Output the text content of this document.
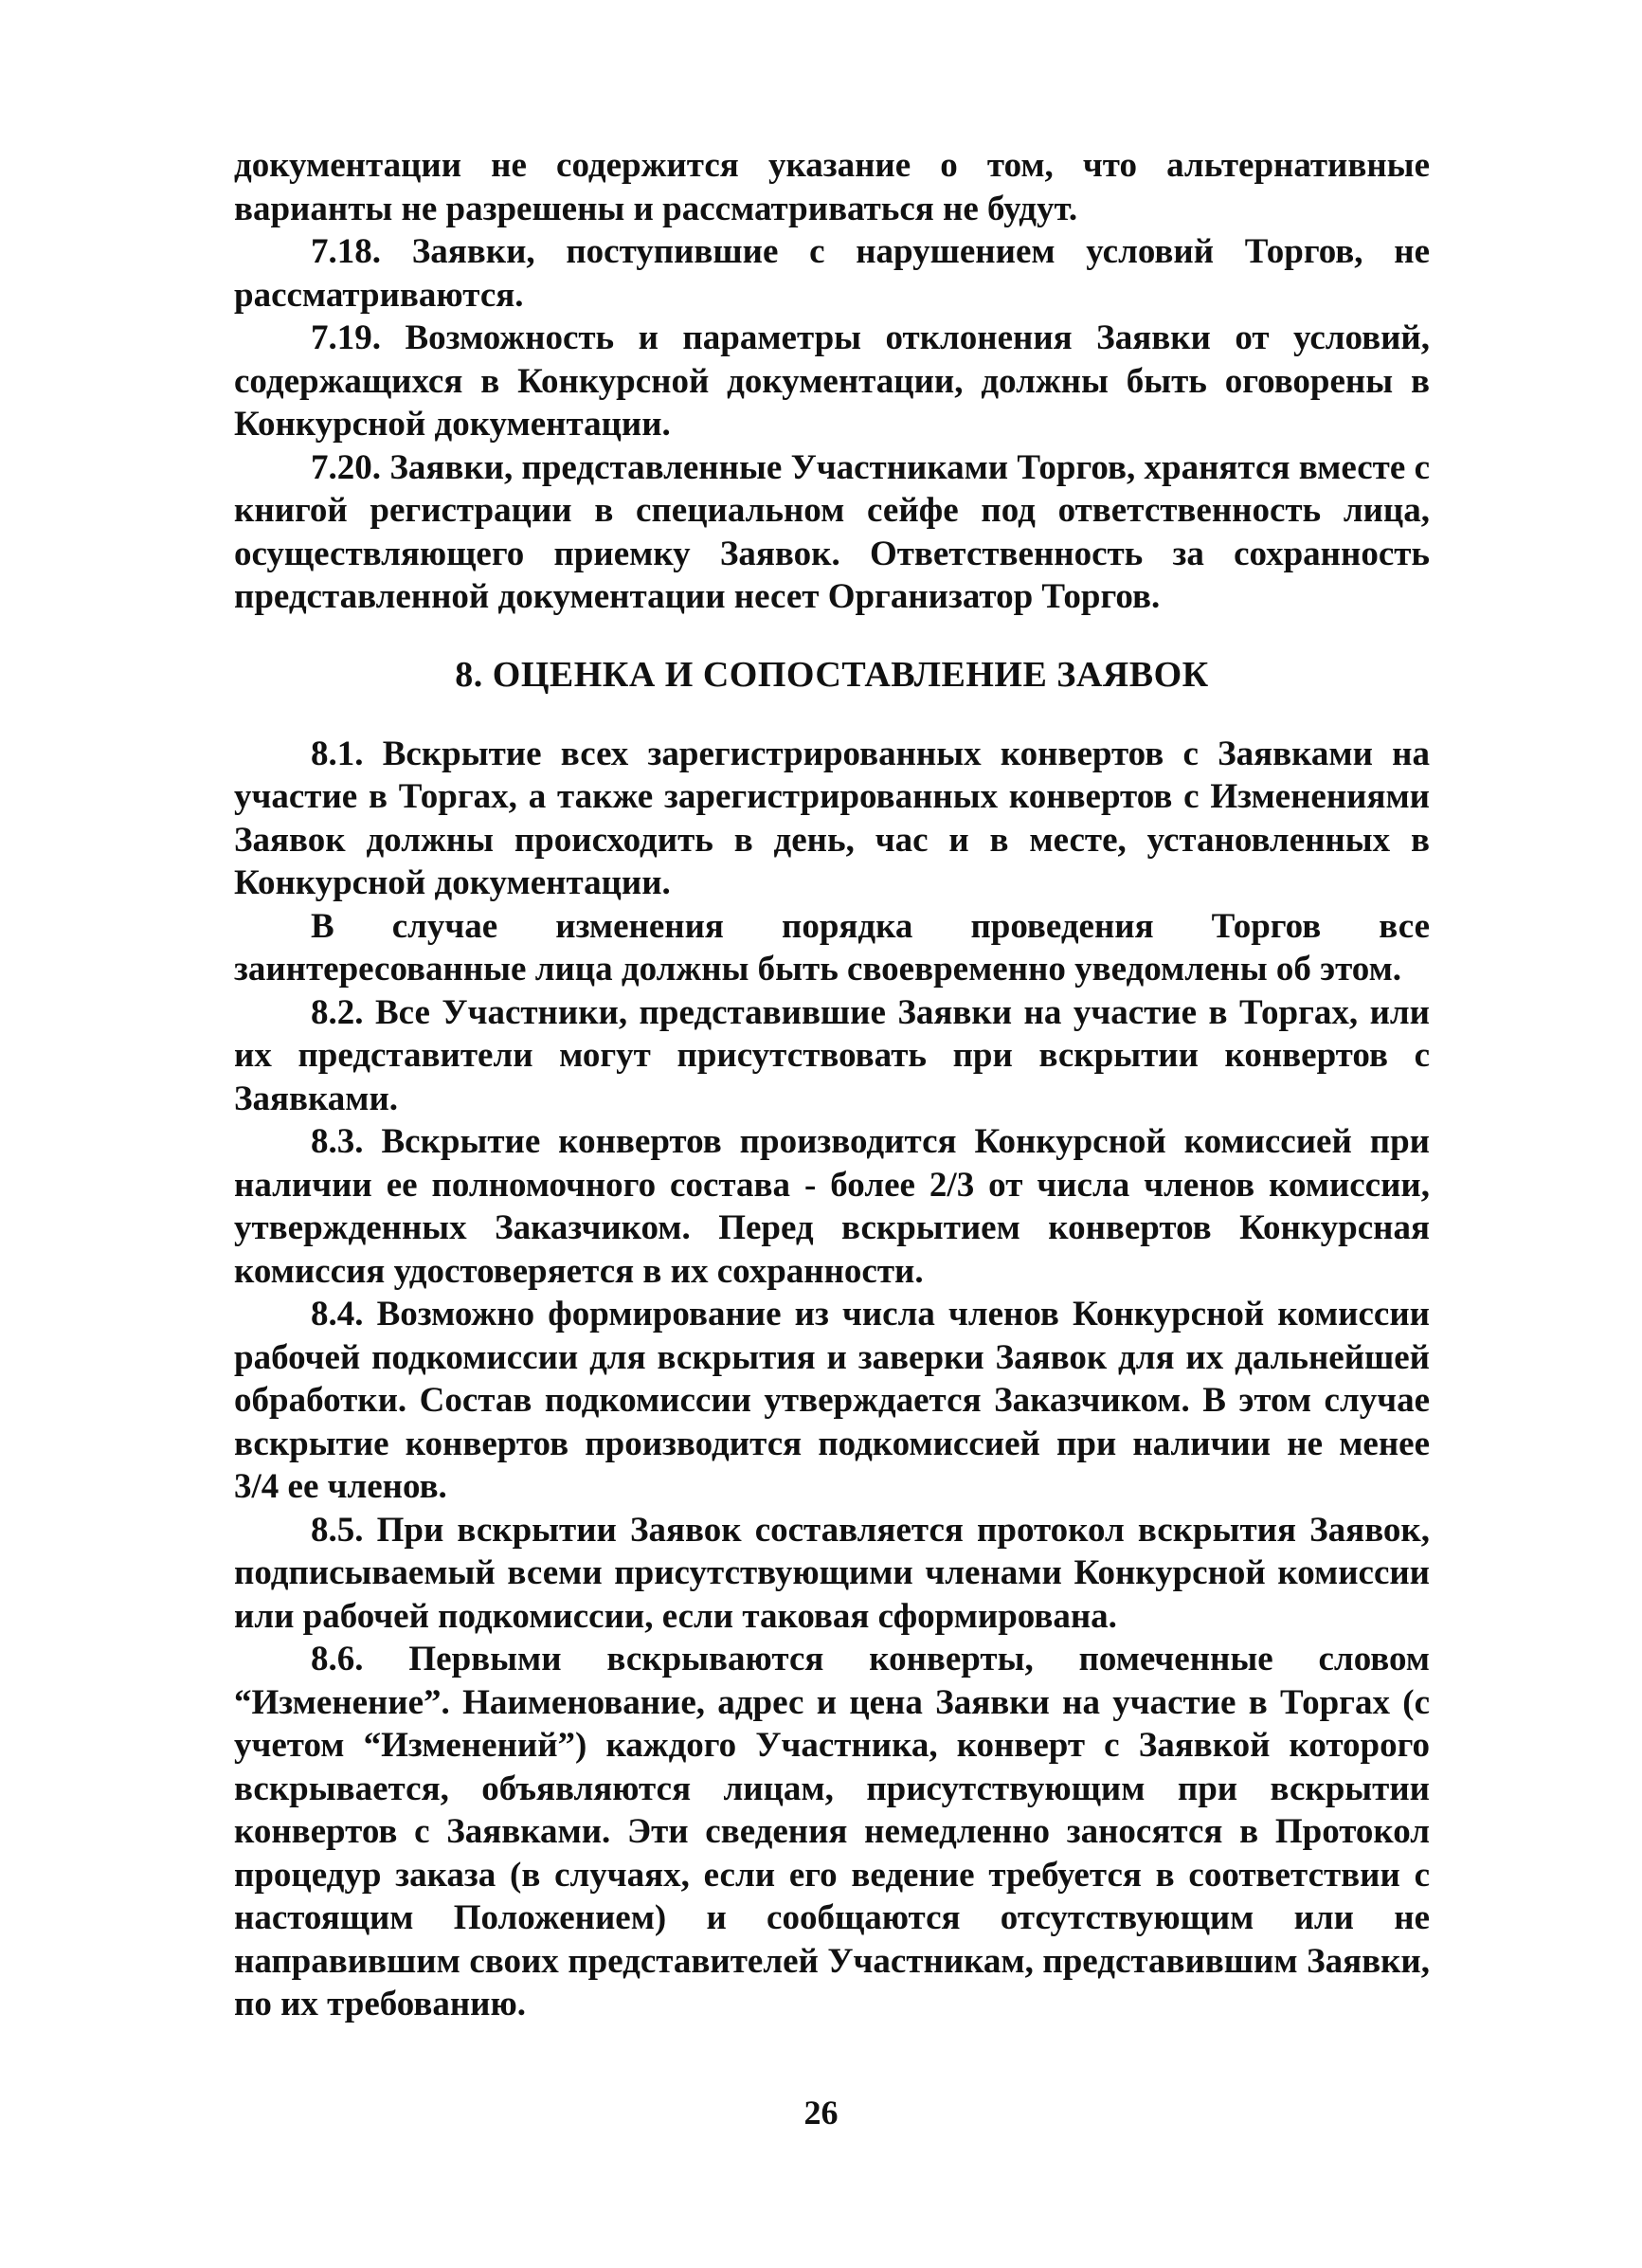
документации не содержится указание о том, что альтернативные варианты не разрешены и рассматриваться не будут.

7.18. Заявки, поступившие с нарушением условий Торгов, не рассматриваются.

7.19. Возможность и параметры отклонения Заявки от условий, содержащихся в Конкурсной документации, должны быть оговорены в Конкурсной документации.

7.20. Заявки, представленные Участниками Торгов, хранятся вместе с книгой регистрации в специальном сейфе под ответственность лица, осуществляющего приемку Заявок. Ответственность за сохранность представленной документации несет Организатор Торгов.

8. ОЦЕНКА И СОПОСТАВЛЕНИЕ ЗАЯВОК

8.1. Вскрытие всех зарегистрированных конвертов с Заявками на участие в Торгах, а также зарегистрированных конвертов с Изменениями Заявок должны происходить в день, час и в месте, установленных в Конкурсной документации.

В случае изменения порядка проведения Торгов все заинтересованные лица должны быть своевременно уведомлены об этом.

8.2. Все Участники, представившие Заявки на участие в Торгах, или их представители могут присутствовать при вскрытии конвертов с Заявками.

8.3. Вскрытие конвертов производится Конкурсной комиссией при наличии ее полномочного состава - более 2/3 от числа членов комиссии, утвержденных Заказчиком. Перед вскрытием конвертов Конкурсная комиссия удостоверяется в их сохранности.

8.4. Возможно формирование из числа членов Конкурсной комиссии рабочей подкомиссии для вскрытия и заверки Заявок для их дальнейшей обработки. Состав подкомиссии утверждается Заказчиком. В этом случае вскрытие конвертов производится подкомиссией при наличии не менее 3/4 ее членов.

8.5. При вскрытии Заявок составляется протокол вскрытия Заявок, подписываемый всеми присутствующими членами Конкурсной комиссии или рабочей подкомиссии, если таковая сформирована.

8.6. Первыми вскрываются конверты, помеченные словом “Изменение”. Наименование, адрес и цена Заявки на участие в Торгах (с учетом “Изменений”) каждого Участника, конверт с Заявкой которого вскрывается, объявляются лицам, присутствующим при вскрытии конвертов с Заявками. Эти сведения немедленно заносятся в Протокол процедур заказа (в случаях, если его ведение требуется в соответствии с настоящим Положением) и сообщаются отсутствующим или не направившим своих представителей Участникам, представившим Заявки, по их требованию.

26
